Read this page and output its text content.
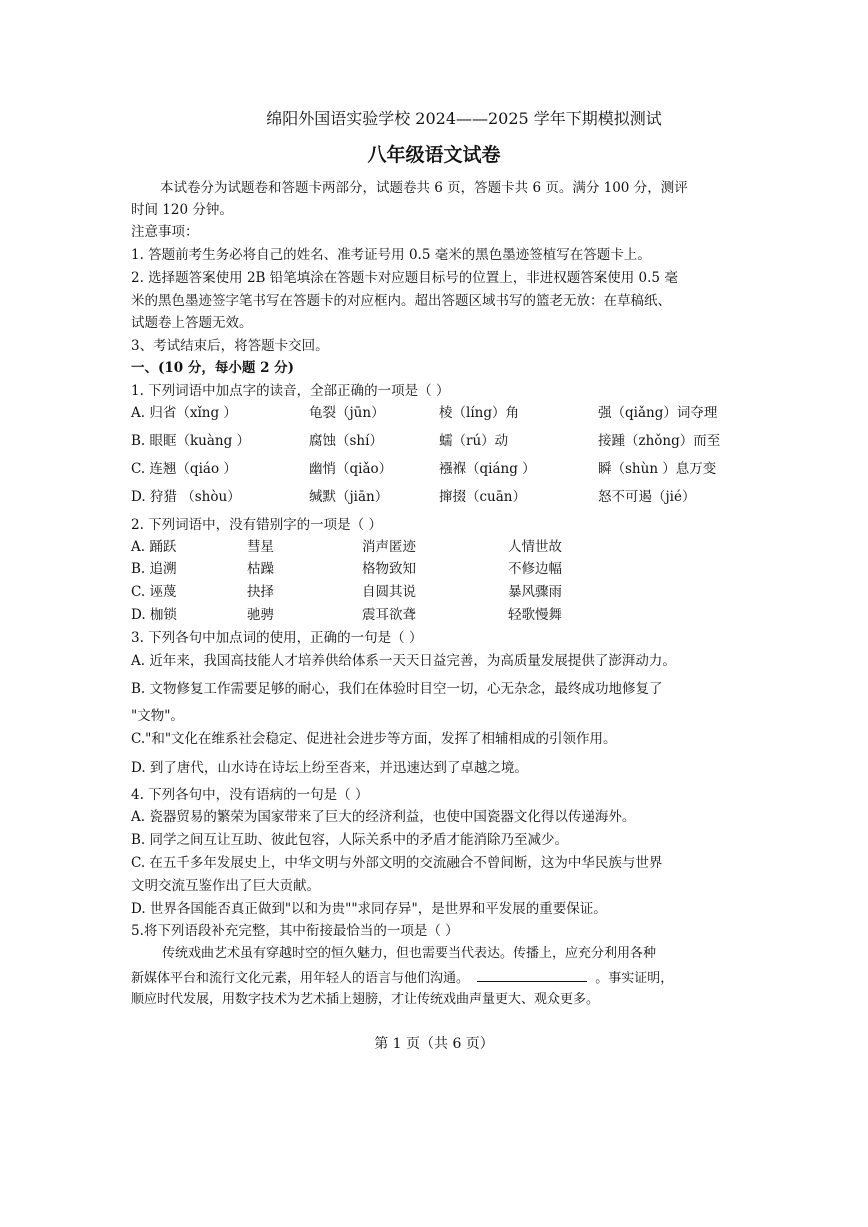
绵阳外国语实验学校 2024——2025 学年下期模拟测试
八年级语文试卷
本试卷分为试题卷和答题卡两部分，试题卷共 6 页，答题卡共 6 页。满分 100 分，测评
时间 120 分钟。
注意事项：
1. 答题前考生务必将自己的姓名、准考证号用 0.5 毫米的黑色墨迹签植写在答题卡上。
2. 选择题答案使用 2B 铅笔填涂在答题卡对应题目标号的位置上，非进权题答案使用 0.5 毫
米的黑色墨迹签字笔书写在答题卡的对应框内。超出答题区域书写的篮老无放：在草稿纸、
试题卷上答题无效。
3、考试结束后，将答题卡交回。
一、(10 分，每小题 2 分)
1. 下列词语中加点字的读音，全部正确的一项是（ ）
A. 归省（xǐng ）	龟裂（jūn）	棱（líng）角	强（qiǎng）词夺理
B. 眼眶（kuàng ）	腐蚀（shí）	蠕（rú）动	接踵（zhǒng）而至
C. 连翘（qiáo ）	幽悄（qiǎo）	襁褓（qiáng ）	瞬（shùn ）息万变
D. 狩猎 （shòu）	缄默（jiān）	撺掇（cuān）	怒不可遏（jié）
2. 下列词语中，没有错别字的一项是（ ）
A. 踊跃	彗星	消声匿迹	人情世故
B. 追溯	枯躁	格物致知	不修边幅
C. 诬蔑	抉择	自圆其说	暴风骤雨
D. 枷锁	驰骋	震耳欲聋	轻歌慢舞
3. 下列各句中加点词的使用，正确的一句是（ ）
A. 近年来，我国高技能人才培养供给体系一天天日益完善，为高质量发展提供了澎湃动力。
B. 文物修复工作需要足够的耐心，我们在体验时目空一切，心无杂念，最终成功地修复了
"文物"。
C."和"文化在维系社会稳定、促进社会进步等方面，发挥了相辅相成的引领作用。
D. 到了唐代，山水诗在诗坛上纷至沓来，并迅速达到了卓越之境。
4. 下列各句中，没有语病的一句是（ ）
A. 瓷器贸易的繁荣为国家带来了巨大的经济利益，也使中国瓷器文化得以传递海外。
B. 同学之间互让互助、彼此包容，人际关系中的矛盾才能消除乃至减少。
C. 在五千多年发展史上，中华文明与外部文明的交流融合不曾间断，这为中华民族与世界
文明交流互鉴作出了巨大贡献。
D. 世界各国能否真正做到"以和为贵""求同存异"，是世界和平发展的重要保证。
5.将下列语段补充完整，其中衔接最恰当的一项是（ ）
传统戏曲艺术虽有穿越时空的恒久魅力，但也需要当代表达。传播上，应充分利用各种
新媒体平台和流行文化元素，用年轻人的语言与他们沟通。	。事实证明，
顺应时代发展，用数字技术为艺术插上翅膀，才让传统戏曲声量更大、观众更多。
第 1 页（共 6 页）
